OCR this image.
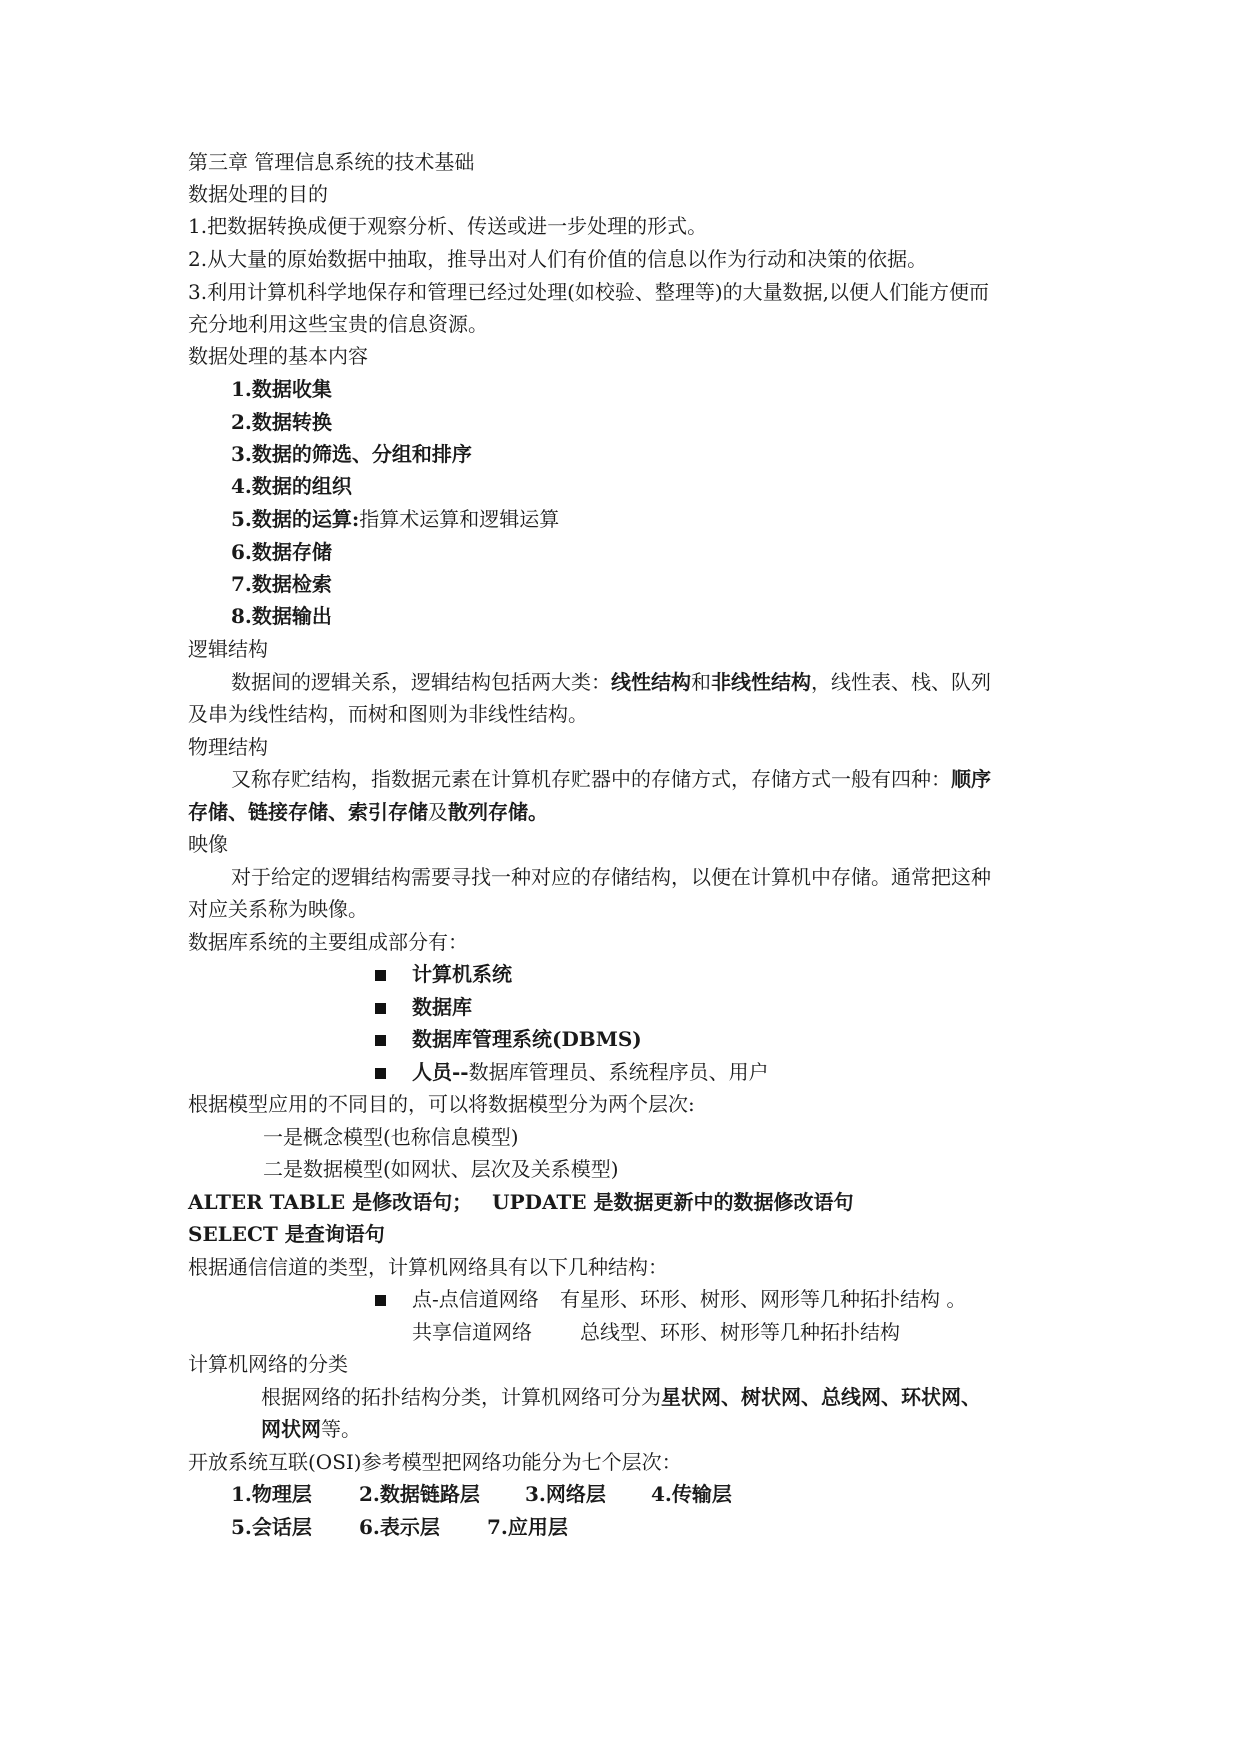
第三章 管理信息系统的技术基础
数据处理的目的
1.把数据转换成便于观察分析、传送或进一步处理的形式。
2.从大量的原始数据中抽取，推导出对人们有价值的信息以作为行动和决策的依据。
3.利用计算机科学地保存和管理已经过处理(如校验、整理等)的大量数据,以便人们能方便而
充分地利用这些宝贵的信息资源。
数据处理的基本内容
1.数据收集
2.数据转换
3.数据的筛选、分组和排序
4.数据的组织
5.数据的运算:指算术运算和逻辑运算
6.数据存储
7.数据检索
8.数据输出
逻辑结构
数据间的逻辑关系，逻辑结构包括两大类：线性结构和非线性结构，线性表、栈、队列
及串为线性结构，而树和图则为非线性结构。
物理结构
又称存贮结构，指数据元素在计算机存贮器中的存储方式，存储方式一般有四种：顺序
存储、链接存储、索引存储及散列存储。
映像
对于给定的逻辑结构需要寻找一种对应的存储结构，以便在计算机中存储。通常把这种
对应关系称为映像。
数据库系统的主要组成部分有：
计算机系统
数据库
数据库管理系统(DBMS)
人员--数据库管理员、系统程序员、用户
根据模型应用的不同目的，可以将数据模型分为两个层次:
一是概念模型(也称信息模型)
二是数据模型(如网状、层次及关系模型)
ALTER TABLE 是修改语句； UPDATE 是数据更新中的数据修改语句
SELECT 是查询语句
根据通信信道的类型，计算机网络具有以下几种结构：
点-点信道网络 有星形、环形、树形、网形等几种拓扑结构 。
共享信道网络 总线型、环形、树形等几种拓扑结构
计算机网络的分类
根据网络的拓扑结构分类，计算机网络可分为星状网、树状网、总线网、环状网、
网状网等。
开放系统互联(OSI)参考模型把网络功能分为七个层次：
1.物理层 2.数据链路层 3.网络层 4.传输层
5.会话层 6.表示层 7.应用层
